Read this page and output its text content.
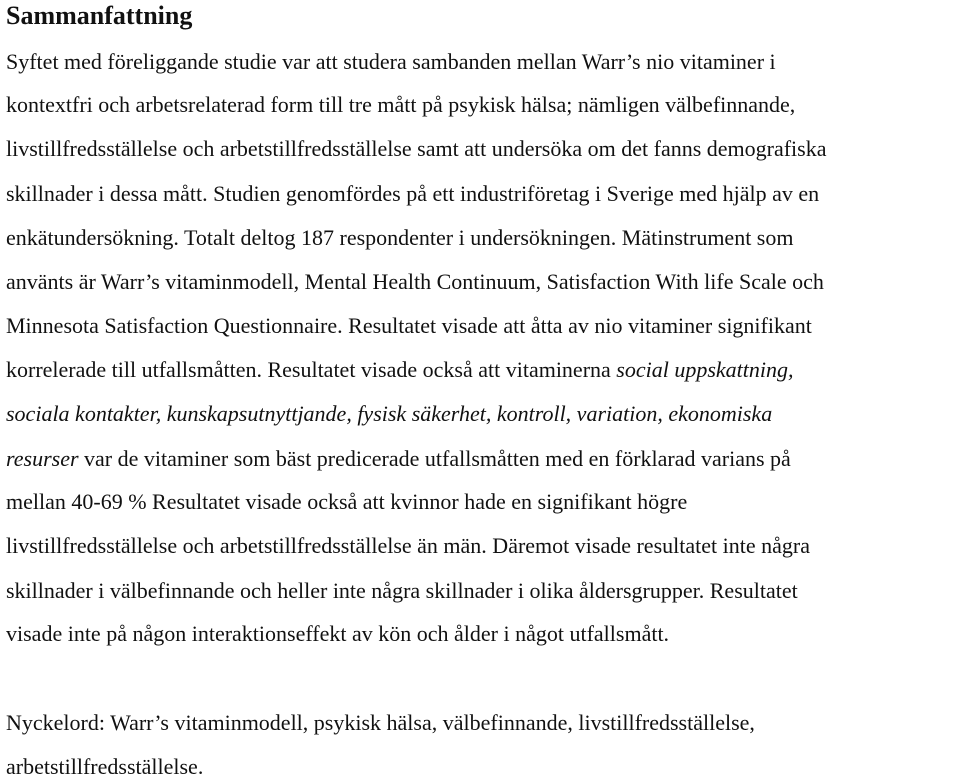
Sammanfattning
Syftet med föreliggande studie var att studera sambanden mellan Warr’s nio vitaminer i
kontextfri och arbetsrelaterad form till tre mått på psykisk hälsa; nämligen välbefinnande,
livstillfredsställelse och arbetstillfredsställelse samt att undersöka om det fanns demografiska
skillnader i dessa mått. Studien genomfördes på ett industriföretag i Sverige med hjälp av en
enkätundersökning. Totalt deltog 187 respondenter i undersökningen. Mätinstrument som
använts är Warr’s vitaminmodell, Mental Health Continuum, Satisfaction With life Scale och
Minnesota Satisfaction Questionnaire. Resultatet visade att åtta av nio vitaminer signifikant
korrelerade till utfallsmåtten. Resultatet visade också att vitaminerna social uppskattning,
sociala kontakter, kunskapsutnyttjande, fysisk säkerhet, kontroll, variation, ekonomiska
resurser var de vitaminer som bäst predicerade utfallsmåtten med en förklarad varians på
mellan 40-69 % Resultatet visade också att kvinnor hade en signifikant högre
livstillfredsställelse och arbetstillfredsställelse än män. Däremot visade resultatet inte några
skillnader i välbefinnande och heller inte några skillnader i olika åldersgrupper. Resultatet
visade inte på någon interaktionseffekt av kön och ålder i något utfallsmått.
Nyckelord: Warr’s vitaminmodell, psykisk hälsa, välbefinnande, livstillfredsställelse,
arbetstillfredsställelse.
